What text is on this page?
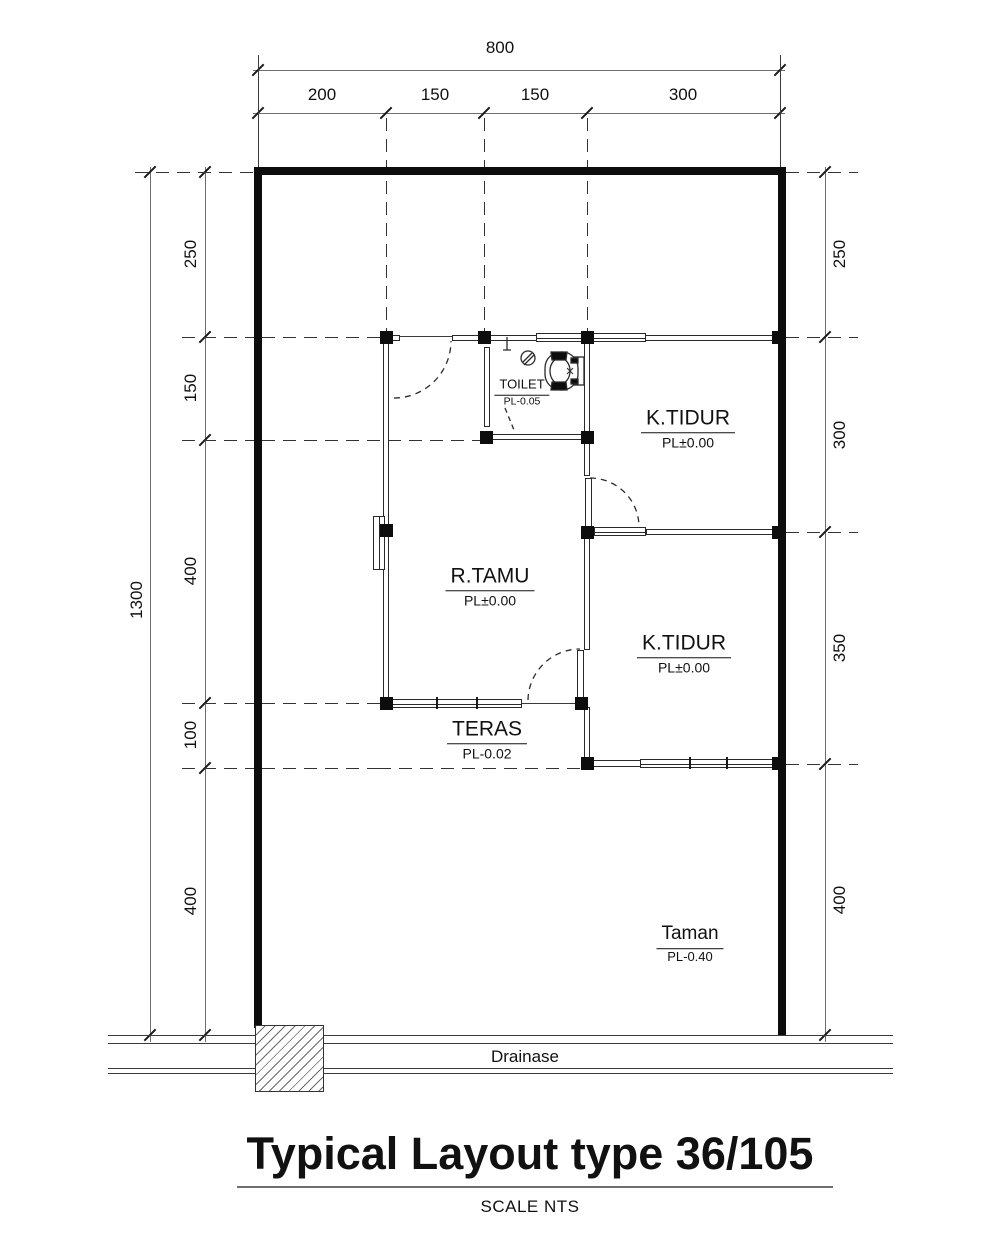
800
200	150	150	300
1300
250
150
400
100
400
250
300
350
400
TOILET
PL-0.05
K.TIDUR
PL±0.00
R.TAMU
PL±0.00
K.TIDUR
PL±0.00
TERAS
PL-0.02
Taman
PL-0.40
Drainase
Typical Layout type 36/105
SCALE NTS
